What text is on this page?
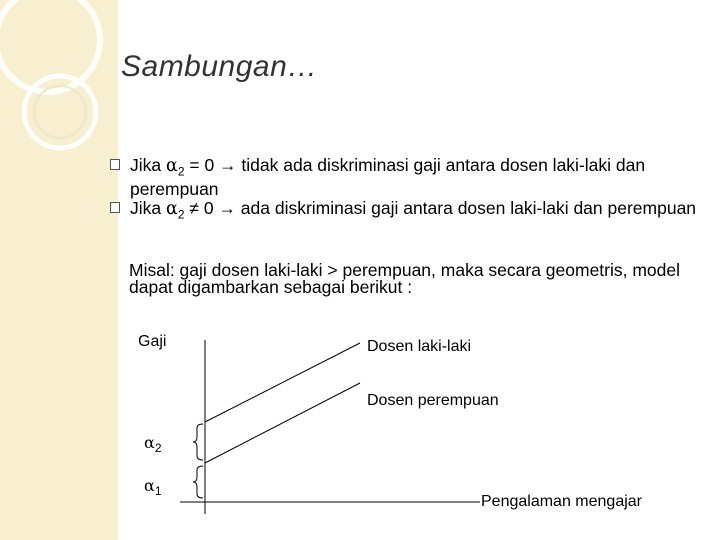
Sambungan…
Jika $\alpha_2 = 0$ → tidak ada diskriminasi gaji antara dosen laki-laki dan perempuan
Jika $\alpha_2 \ne 0$ → ada diskriminasi gaji antara dosen laki-laki dan perempuan
Misal: gaji dosen laki-laki > perempuan, maka secara geometris, model dapat digambarkan sebagai berikut :
Gaji	Dosen laki-laki
Dosen perempuan
Pengalaman mengajar
$\alpha_2$
$\alpha_1$
